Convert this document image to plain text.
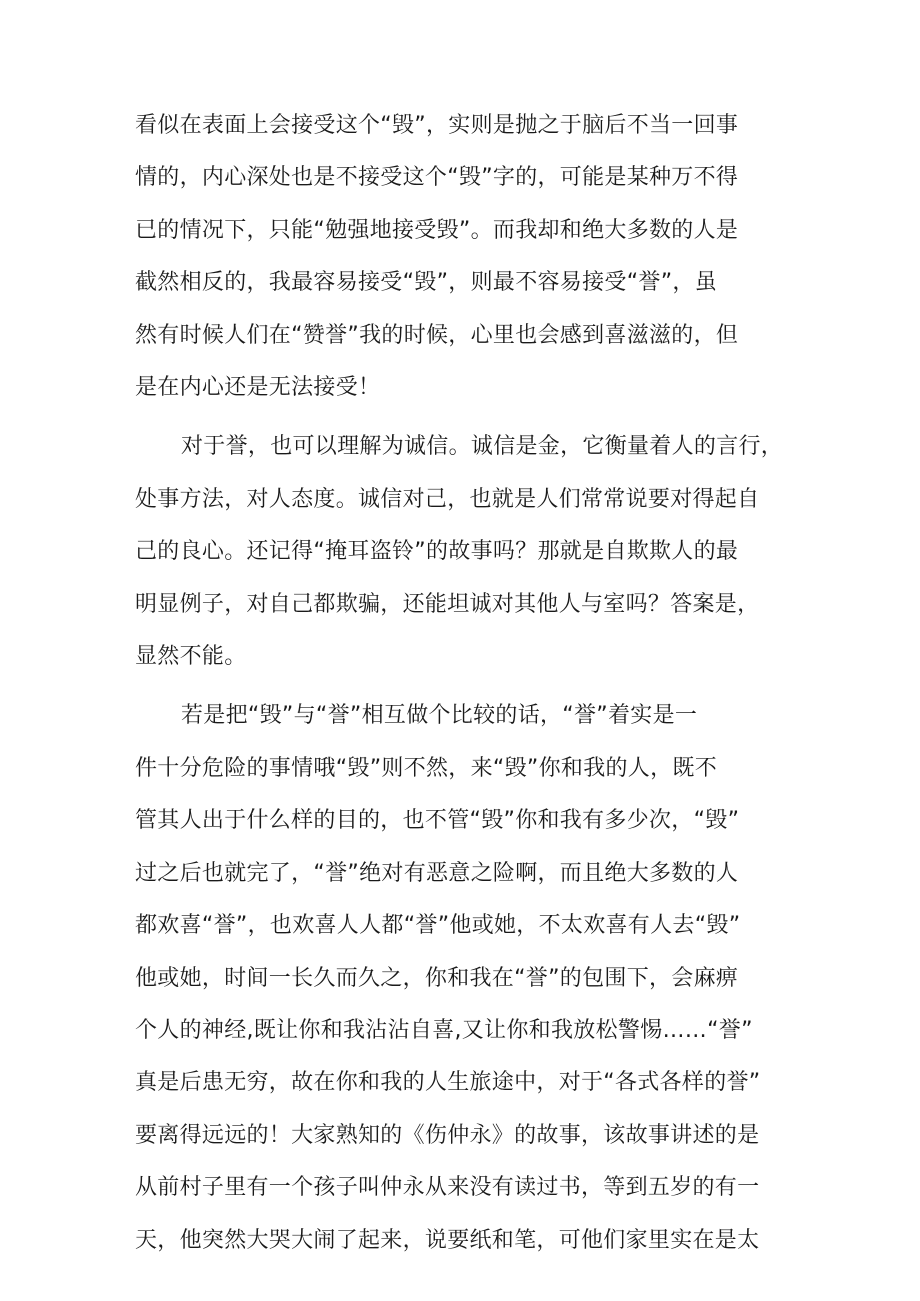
看似在表面上会接受这个“毁”，实则是抛之于脑后不当一回事
情的，内心深处也是不接受这个“毁”字的，可能是某种万不得
已的情况下，只能“勉强地接受毁”。而我却和绝大多数的人是
截然相反的，我最容易接受“毁”，则最不容易接受“誉”，虽
然有时候人们在“赞誉”我的时候，心里也会感到喜滋滋的，但
是在内心还是无法接受！

对于誉，也可以理解为诚信。诚信是金，它衡量着人的言行，
处事方法，对人态度。诚信对己，也就是人们常常说要对得起自
己的良心。还记得“掩耳盗铃”的故事吗？那就是自欺欺人的最
明显例子，对自己都欺骗，还能坦诚对其他人与室吗？答案是，
显然不能。

若是把“毁”与“誉”相互做个比较的话，“誉”着实是一
件十分危险的事情哦“毁”则不然，来“毁”你和我的人，既不
管其人出于什么样的目的，也不管“毁”你和我有多少次，“毁”
过之后也就完了，“誉”绝对有恶意之险啊，而且绝大多数的人
都欢喜“誉”，也欢喜人人都“誉”他或她，不太欢喜有人去“毁”
他或她，时间一长久而久之，你和我在“誉”的包围下，会麻痹
个人的神经,既让你和我沾沾自喜,又让你和我放松警惕……“誉”
真是后患无穷，故在你和我的人生旅途中，对于“各式各样的誉”
要离得远远的！大家熟知的《伤仲永》的故事，该故事讲述的是
从前村子里有一个孩子叫仲永从来没有读过书，等到五岁的有一
天，他突然大哭大闹了起来，说要纸和笔，可他们家里实在是太
